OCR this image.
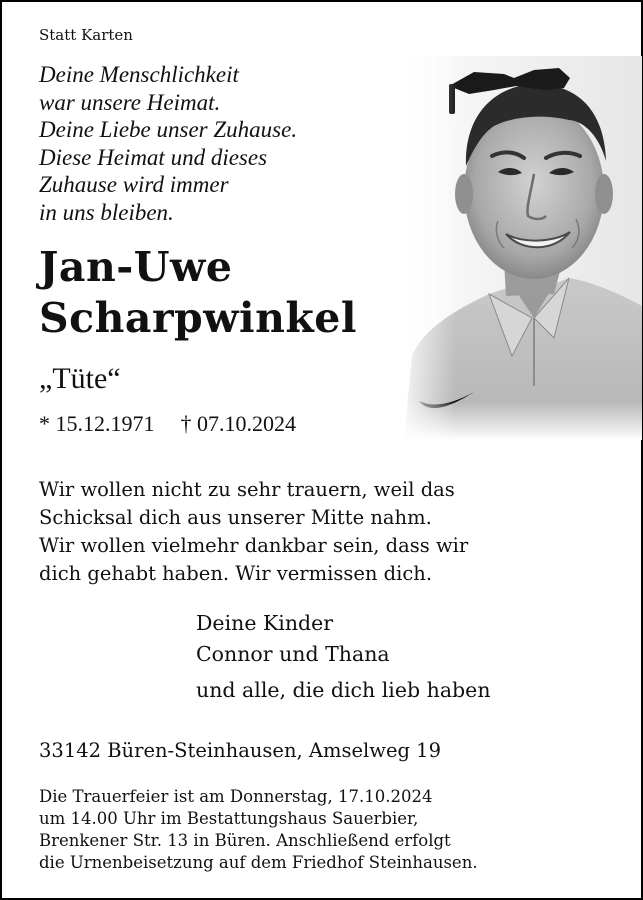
Statt Karten
Deine Menschlichkeit
war unsere Heimat.
Deine Liebe unser Zuhause.
Diese Heimat und dieses
Zuhause wird immer
in uns bleiben.
Jan-Uwe
Scharpwinkel
„Tüte“
* 15.12.1971 † 07.10.2024
Wir wollen nicht zu sehr trauern, weil das
Schicksal dich aus unserer Mitte nahm.
Wir wollen vielmehr dankbar sein, dass wir
dich gehabt haben. Wir vermissen dich.
Deine Kinder
Connor und Thana
und alle, die dich lieb haben
33142 Büren-Steinhausen, Amselweg 19
Die Trauerfeier ist am Donnerstag, 17.10.2024
um 14.00 Uhr im Bestattungshaus Sauerbier,
Brenkener Str. 13 in Büren. Anschließend erfolgt
die Urnenbeisetzung auf dem Friedhof Steinhausen.
